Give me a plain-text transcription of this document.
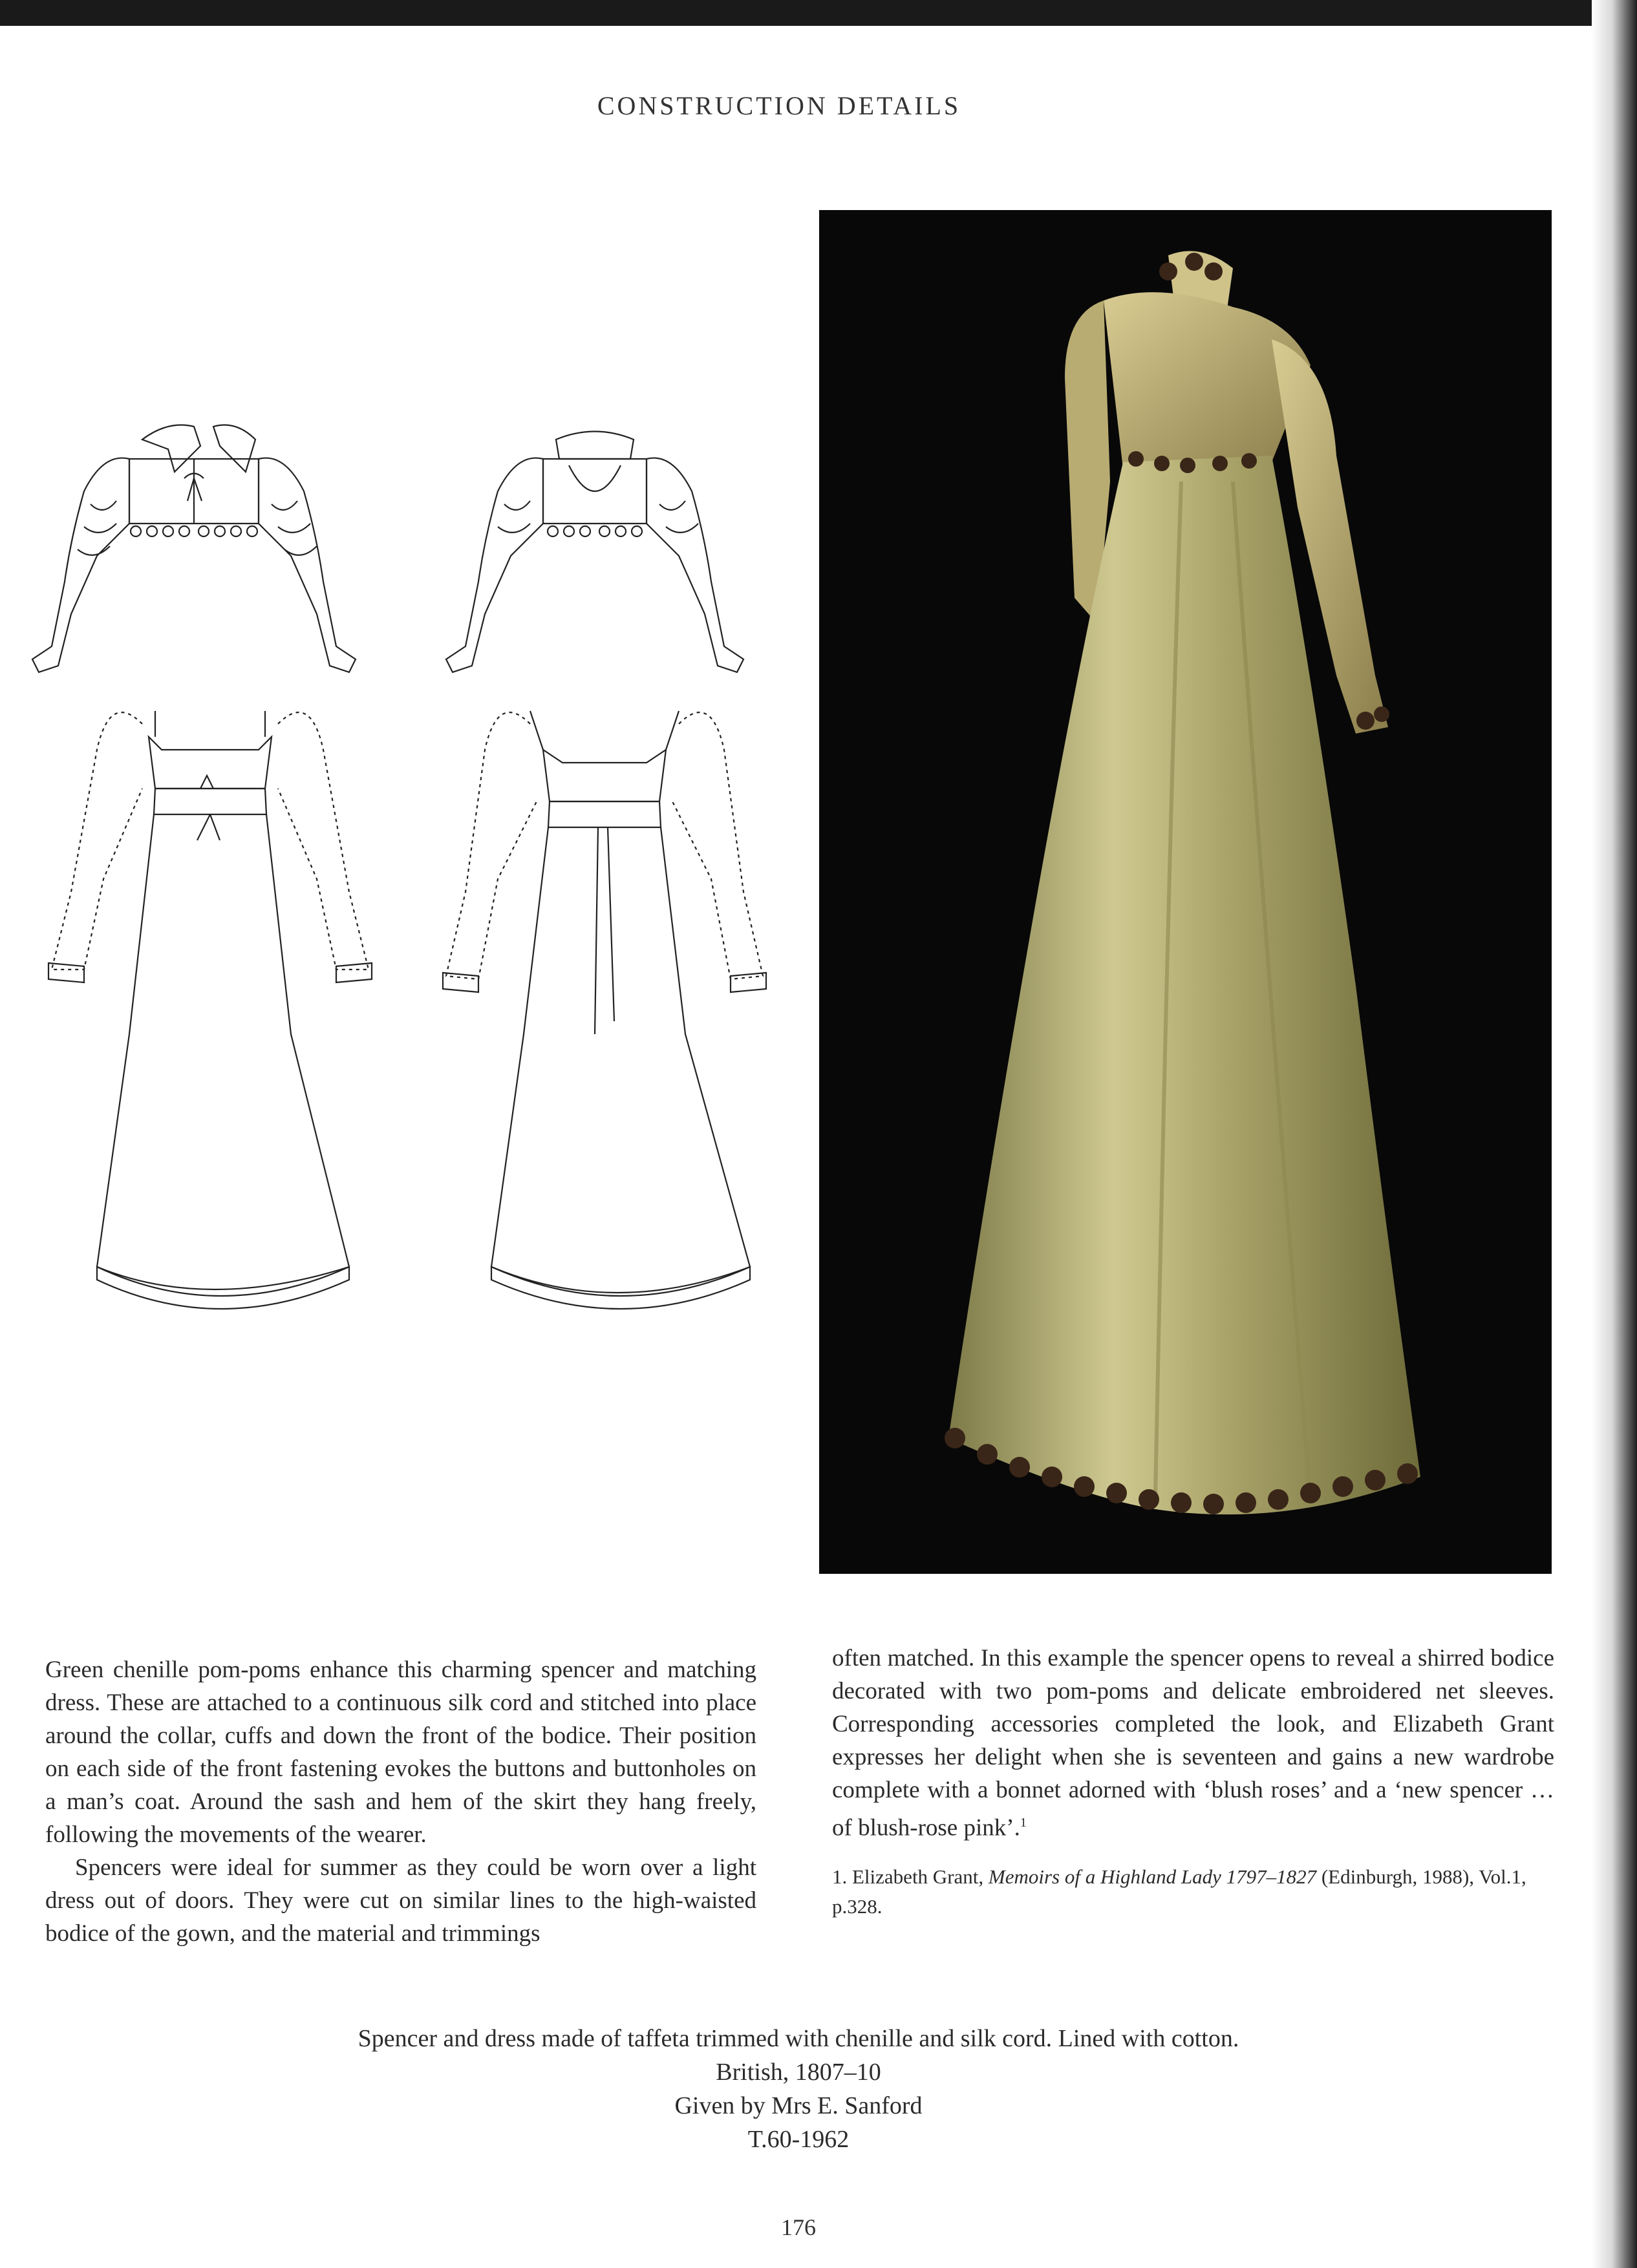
CONSTRUCTION DETAILS

Green chenille pom-poms enhance this charming spencer and matching dress. These are attached to a continuous silk cord and stitched into place around the collar, cuffs and down the front of the bodice. Their position on each side of the front fastening evokes the buttons and buttonholes on a man’s coat. Around the sash and hem of the skirt they hang freely, following the movements of the wearer.

Spencers were ideal for summer as they could be worn over a light dress out of doors. They were cut on similar lines to the high-waisted bodice of the gown, and the material and trimmings

often matched. In this example the spencer opens to reveal a shirred bodice decorated with two pom-poms and delicate embroidered net sleeves. Corresponding accessories completed the look, and Elizabeth Grant expresses her delight when she is seventeen and gains a new wardrobe complete with a bonnet adorned with ‘blush roses’ and a ‘new spencer … of blush-rose pink’.$^1$

1. Elizabeth Grant, Memoirs of a Highland Lady 1797–1827 (Edinburgh, 1988), Vol.1, p.328.

Spencer and dress made of taffeta trimmed with chenille and silk cord. Lined with cotton.
British, 1807–10
Given by Mrs E. Sanford
T.60-1962
176
